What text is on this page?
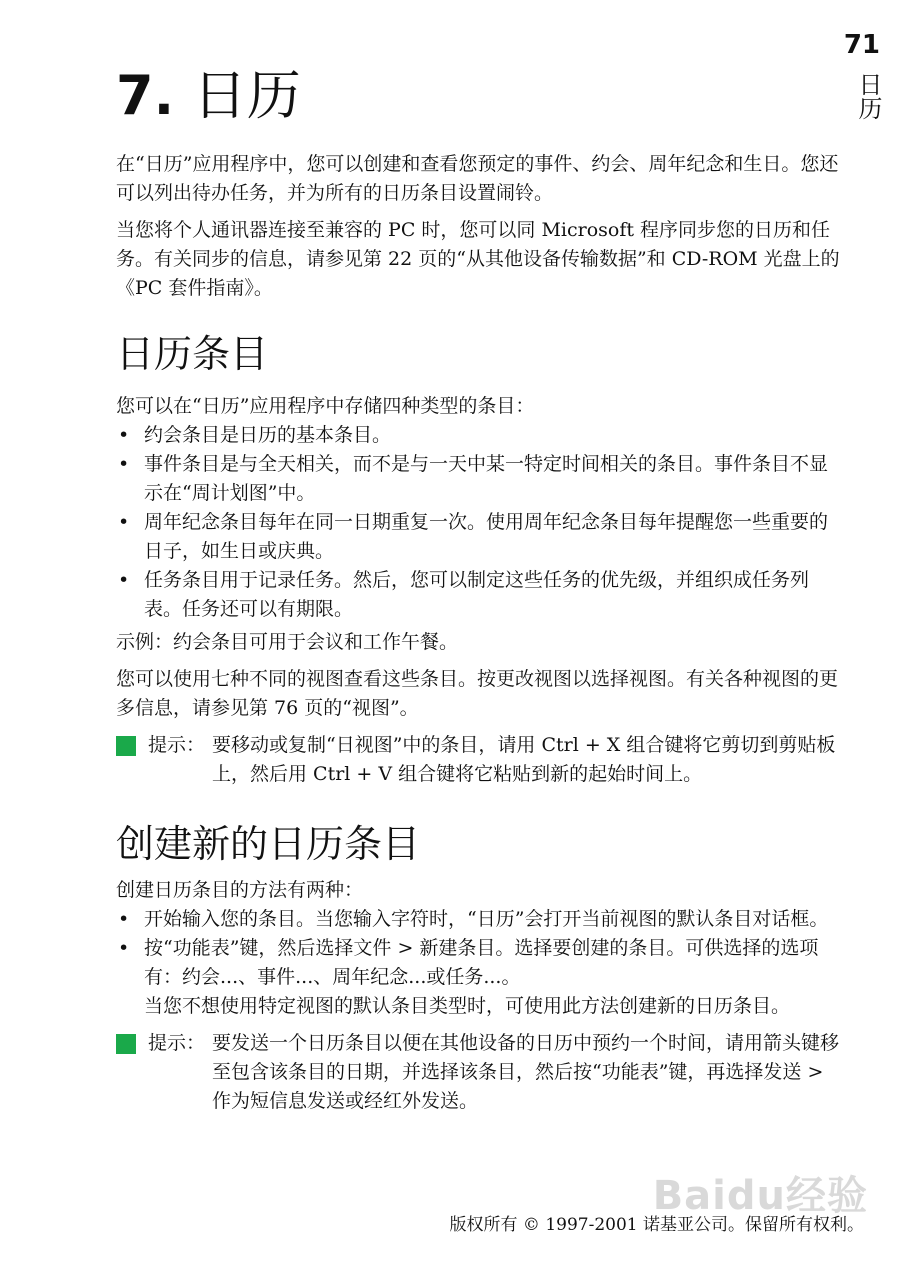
71
日历
7. 日历

在“日历”应用程序中，您可以创建和查看您预定的事件、约会、周年纪念和生日。您还可以列出待办任务，并为所有的日历条目设置闹铃。

当您将个人通讯器连接至兼容的 PC 时，您可以同 Microsoft 程序同步您的日历和任务。有关同步的信息，请参见第 22 页的“从其他设备传输数据”和 CD-ROM 光盘上的《PC 套件指南》。

日历条目

您可以在“日历”应用程序中存储四种类型的条目：

• 约会条目是日历的基本条目。
• 事件条目是与全天相关，而不是与一天中某一特定时间相关的条目。事件条目不显示在“周计划图”中。
• 周年纪念条目每年在同一日期重复一次。使用周年纪念条目每年提醒您一些重要的日子，如生日或庆典。
• 任务条目用于记录任务。然后，您可以制定这些任务的优先级，并组织成任务列表。任务还可以有期限。

示例：约会条目可用于会议和工作午餐。

您可以使用七种不同的视图查看这些条目。按更改视图以选择视图。有关各种视图的更多信息，请参见第 76 页的“视图”。

提示： 要移动或复制“日视图”中的条目，请用 Ctrl + X 组合键将它剪切到剪贴板上，然后用 Ctrl + V 组合键将它粘贴到新的起始时间上。

创建新的日历条目

创建日历条目的方法有两种：

• 开始输入您的条目。当您输入字符时，“日历”会打开当前视图的默认条目对话框。
• 按“功能表”键，然后选择文件 > 新建条目。选择要创建的条目。可供选择的选项有：约会...、事件...、周年纪念...或任务...。
当您不想使用特定视图的默认条目类型时，可使用此方法创建新的日历条目。

提示： 要发送一个日历条目以便在其他设备的日历中预约一个时间，请用箭头键移至包含该条目的日期，并选择该条目，然后按“功能表”键，再选择发送 > 作为短信息发送或经红外发送。

Baidu经验
版权所有 © 1997-2001 诺基亚公司。保留所有权利。
